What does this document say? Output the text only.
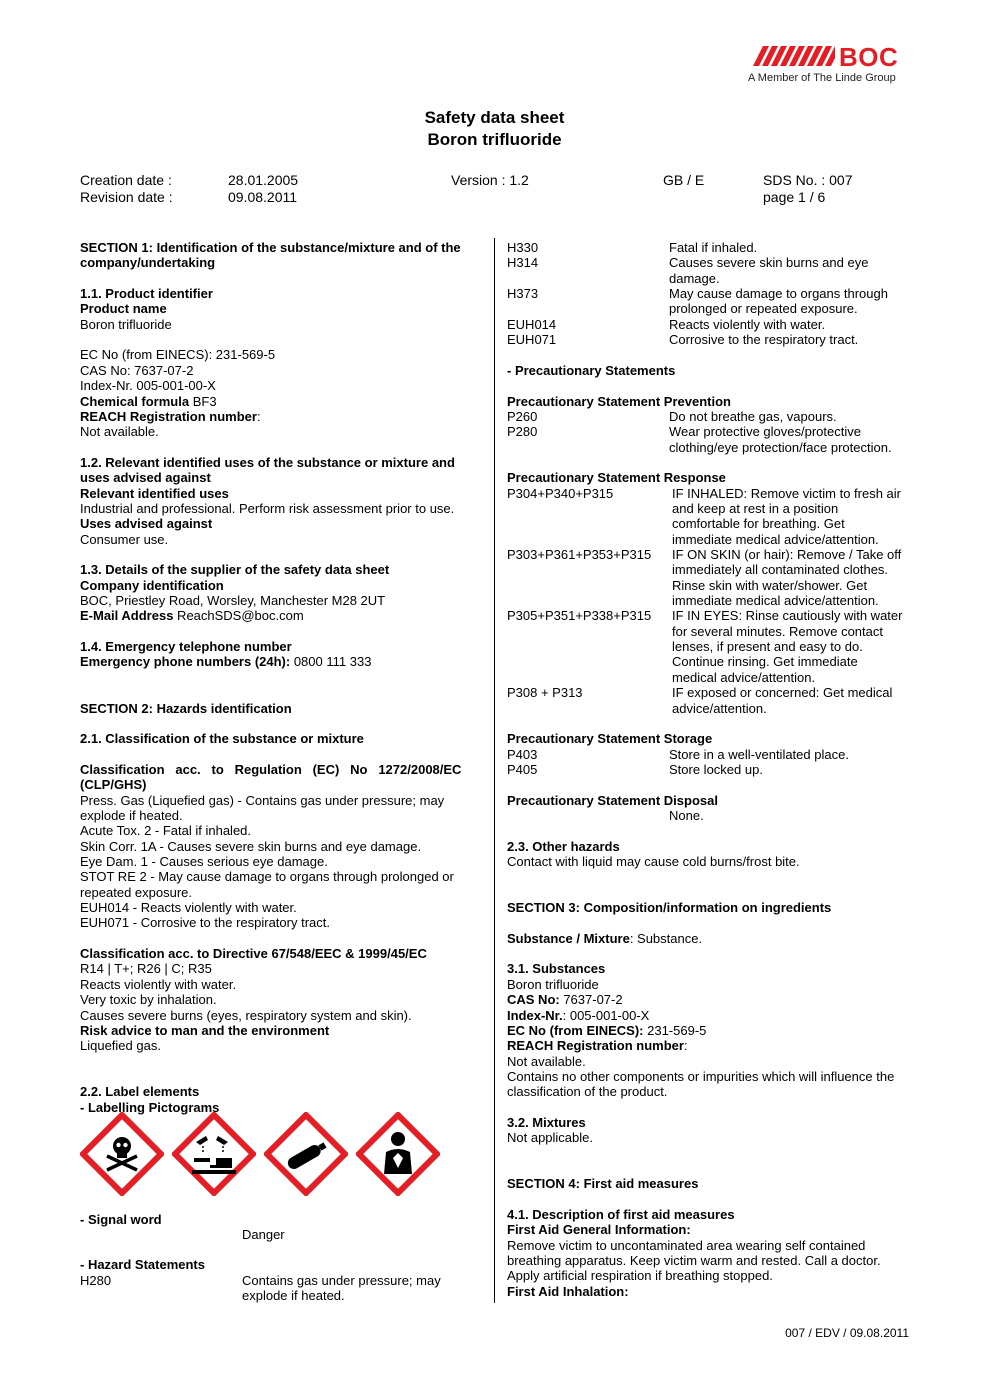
BOC
A Member of The Linde Group
Safety data sheet
Boron trifluoride
Creation date :	28.01.2005
Revision date :	09.08.2011
Version : 1.2	GB / E	SDS No. : 007
page 1 / 6
SECTION 1: Identification of the substance/mixture and of the
company/undertaking
1.1. Product identifier
Product name
Boron trifluoride
EC No (from EINECS): 231-569-5
CAS No: 7637-07-2
Index-Nr. 005-001-00-X
Chemical formula BF3
REACH Registration number:
Not available.
1.2. Relevant identified uses of the substance or mixture and
uses advised against
Relevant identified uses
Industrial and professional. Perform risk assessment prior to use.
Uses advised against
Consumer use.
1.3. Details of the supplier of the safety data sheet
Company identification
BOC, Priestley Road, Worsley, Manchester M28 2UT
E-Mail Address ReachSDS@boc.com
1.4. Emergency telephone number
Emergency phone numbers (24h): 0800 111 333
SECTION 2: Hazards identification
2.1. Classification of the substance or mixture
Classification   acc.   to   Regulation   (EC)   No   1272/2008/EC
(CLP/GHS)
Press. Gas (Liquefied gas) - Contains gas under pressure; may
explode if heated.
Acute Tox. 2 - Fatal if inhaled.
Skin Corr. 1A - Causes severe skin burns and eye damage.
Eye Dam. 1 - Causes serious eye damage.
STOT RE 2 - May cause damage to organs through prolonged or
repeated exposure.
EUH014 - Reacts violently with water.
EUH071 - Corrosive to the respiratory tract.
Classification acc. to Directive 67/548/EEC & 1999/45/EC
R14 | T+; R26 | C; R35
Reacts violently with water.
Very toxic by inhalation.
Causes severe burns (eyes, respiratory system and skin).
Risk advice to man and the environment
Liquefied gas.
2.2. Label elements
- Labelling Pictograms
H330	Fatal if inhaled.
H314	Causes severe skin burns and eye
damage.
H373	May cause damage to organs through
prolonged or repeated exposure.
EUH014	Reacts violently with water.
EUH071	Corrosive to the respiratory tract.
- Precautionary Statements
Precautionary Statement Prevention
P260	Do not breathe gas, vapours.
P280	Wear protective gloves/protective
clothing/eye protection/face protection.
Precautionary Statement Response
P304+P340+P315	IF INHALED: Remove victim to fresh air
and keep at rest in a position
comfortable for breathing. Get
immediate medical advice/attention.
P303+P361+P353+P315 IF ON SKIN (or hair): Remove / Take off
immediately all contaminated clothes.
Rinse skin with water/shower. Get
immediate medical advice/attention.
P305+P351+P338+P315 IF IN EYES: Rinse cautiously with water
for several minutes. Remove contact
lenses, if present and easy to do.
Continue rinsing. Get immediate
medical advice/attention.
P308 + P313	IF exposed or concerned: Get medical
advice/attention.
Precautionary Statement Storage
P403	Store in a well-ventilated place.
P405	Store locked up.
Precautionary Statement Disposal
None.
2.3. Other hazards
Contact with liquid may cause cold burns/frost bite.
SECTION 3: Composition/information on ingredients
Substance / Mixture: Substance.
3.1. Substances
Boron trifluoride
CAS No: 7637-07-2
Index-Nr.: 005-001-00-X
EC No (from EINECS): 231-569-5
REACH Registration number:
Not available.
Contains no other components or impurities which will influence the
classification of the product.
3.2. Mixtures
Not applicable.
SECTION 4: First aid measures
4.1. Description of first aid measures
First Aid General Information:
Remove victim to uncontaminated area wearing self contained
breathing apparatus. Keep victim warm and rested. Call a doctor.
Apply artificial respiration if breathing stopped.
First Aid Inhalation:
- Signal word
Danger
- Hazard Statements
H280	Contains gas under pressure; may
explode if heated.
007 / EDV / 09.08.2011
